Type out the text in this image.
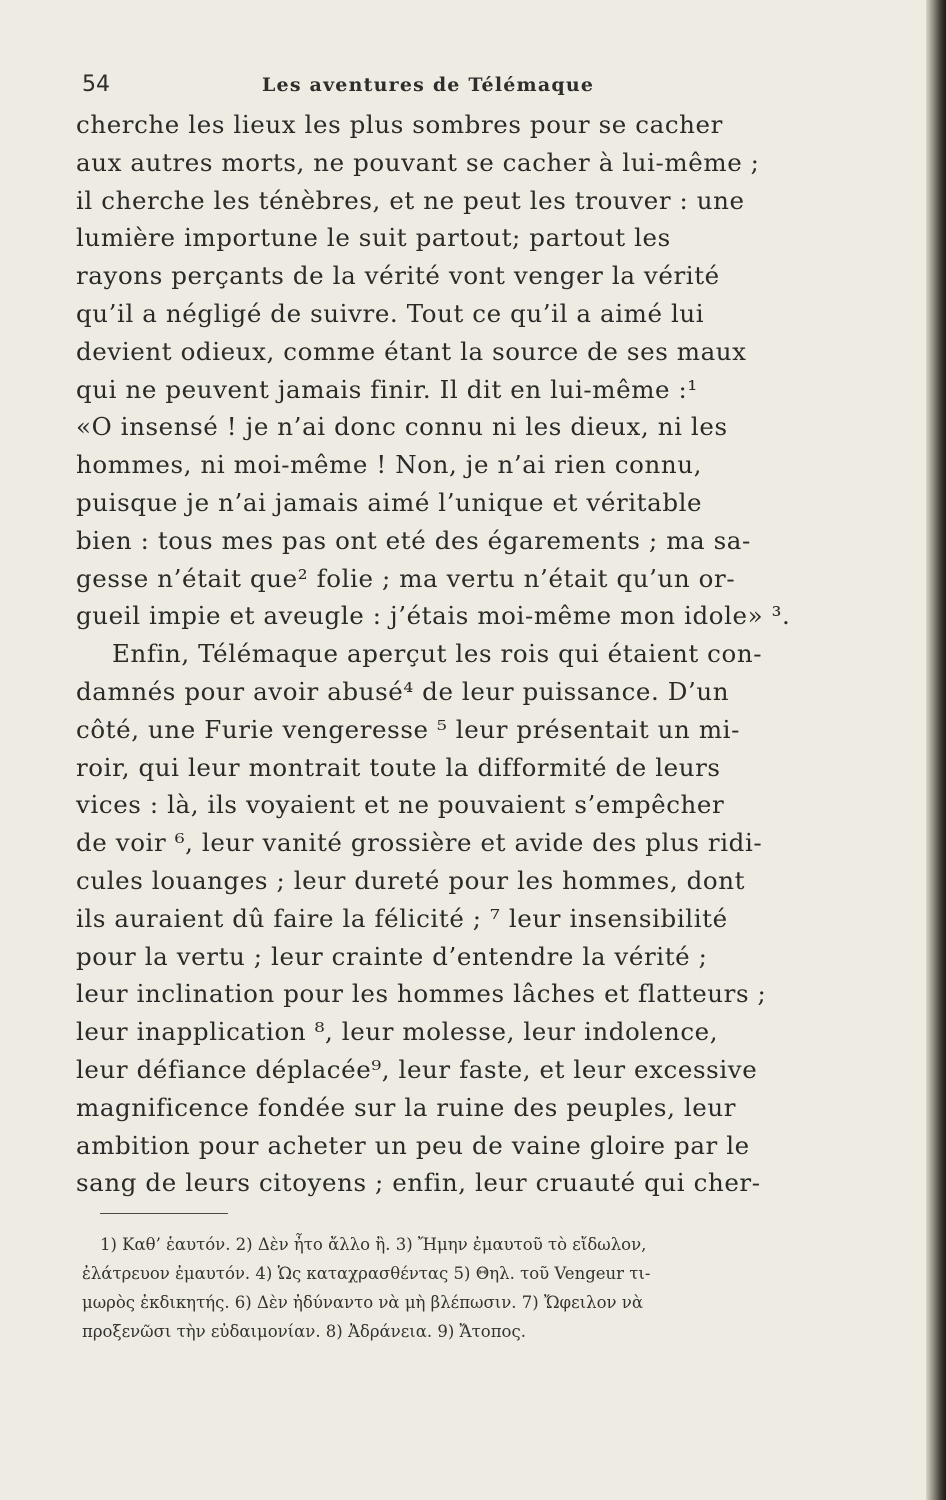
54	Les aventures de Télémaque
cherche les lieux les plus sombres pour se cacher
aux autres morts, ne pouvant se cacher à lui-même ;
il cherche les ténèbres, et ne peut les trouver : une
lumière importune le suit partout; partout les
rayons perçants de la vérité vont venger la vérité
qu’il a négligé de suivre. Tout ce qu’il a aimé lui
devient odieux, comme étant la source de ses maux
qui ne peuvent jamais finir. Il dit en lui-même :¹
«O insensé ! je n’ai donc connu ni les dieux, ni les
hommes, ni moi-même ! Non, je n’ai rien connu,
puisque je n’ai jamais aimé l’unique et véritable
bien : tous mes pas ont eté des égarements ; ma sa-
gesse n’était que² folie ; ma vertu n’était qu’un or-
gueil impie et aveugle : j’étais moi-même mon idole» ³.
Enfin, Télémaque aperçut les rois qui étaient con-
damnés pour avoir abusé⁴ de leur puissance. D’un
côté, une Furie vengeresse ⁵ leur présentait un mi-
roir, qui leur montrait toute la difformité de leurs
vices : là, ils voyaient et ne pouvaient s’empêcher
de voir ⁶, leur vanité grossière et avide des plus ridi-
cules louanges ; leur dureté pour les hommes, dont
ils auraient dû faire la félicité ; ⁷ leur insensibilité
pour la vertu ; leur crainte d’entendre la vérité ;
leur inclination pour les hommes lâches et flatteurs ;
leur inapplication ⁸, leur molesse, leur indolence,
leur défiance déplacée⁹, leur faste, et leur excessive
magnificence fondée sur la ruine des peuples, leur
ambition pour acheter un peu de vaine gloire par le
sang de leurs citoyens ; enfin, leur cruauté qui cher-
1) Καθ’ ἑαυτόν. 2) Δὲν ἦτο ἄλλο ἢ. 3) Ἤμην ἐμαυτοῦ τὸ εἴδωλον,
ἐλάτρευον ἐμαυτόν. 4) Ὡς καταχρασθέντας 5) Θηλ. τοῦ Vengeur τι-
μωρὸς ἐκδικητής. 6) Δὲν ἠδύναντο νὰ μὴ βλέπωσιν. 7) Ὤφειλον νὰ
προξενῶσι τὴν εὐδαιμονίαν. 8) Ἀδράνεια. 9) Ἄτοπος.
